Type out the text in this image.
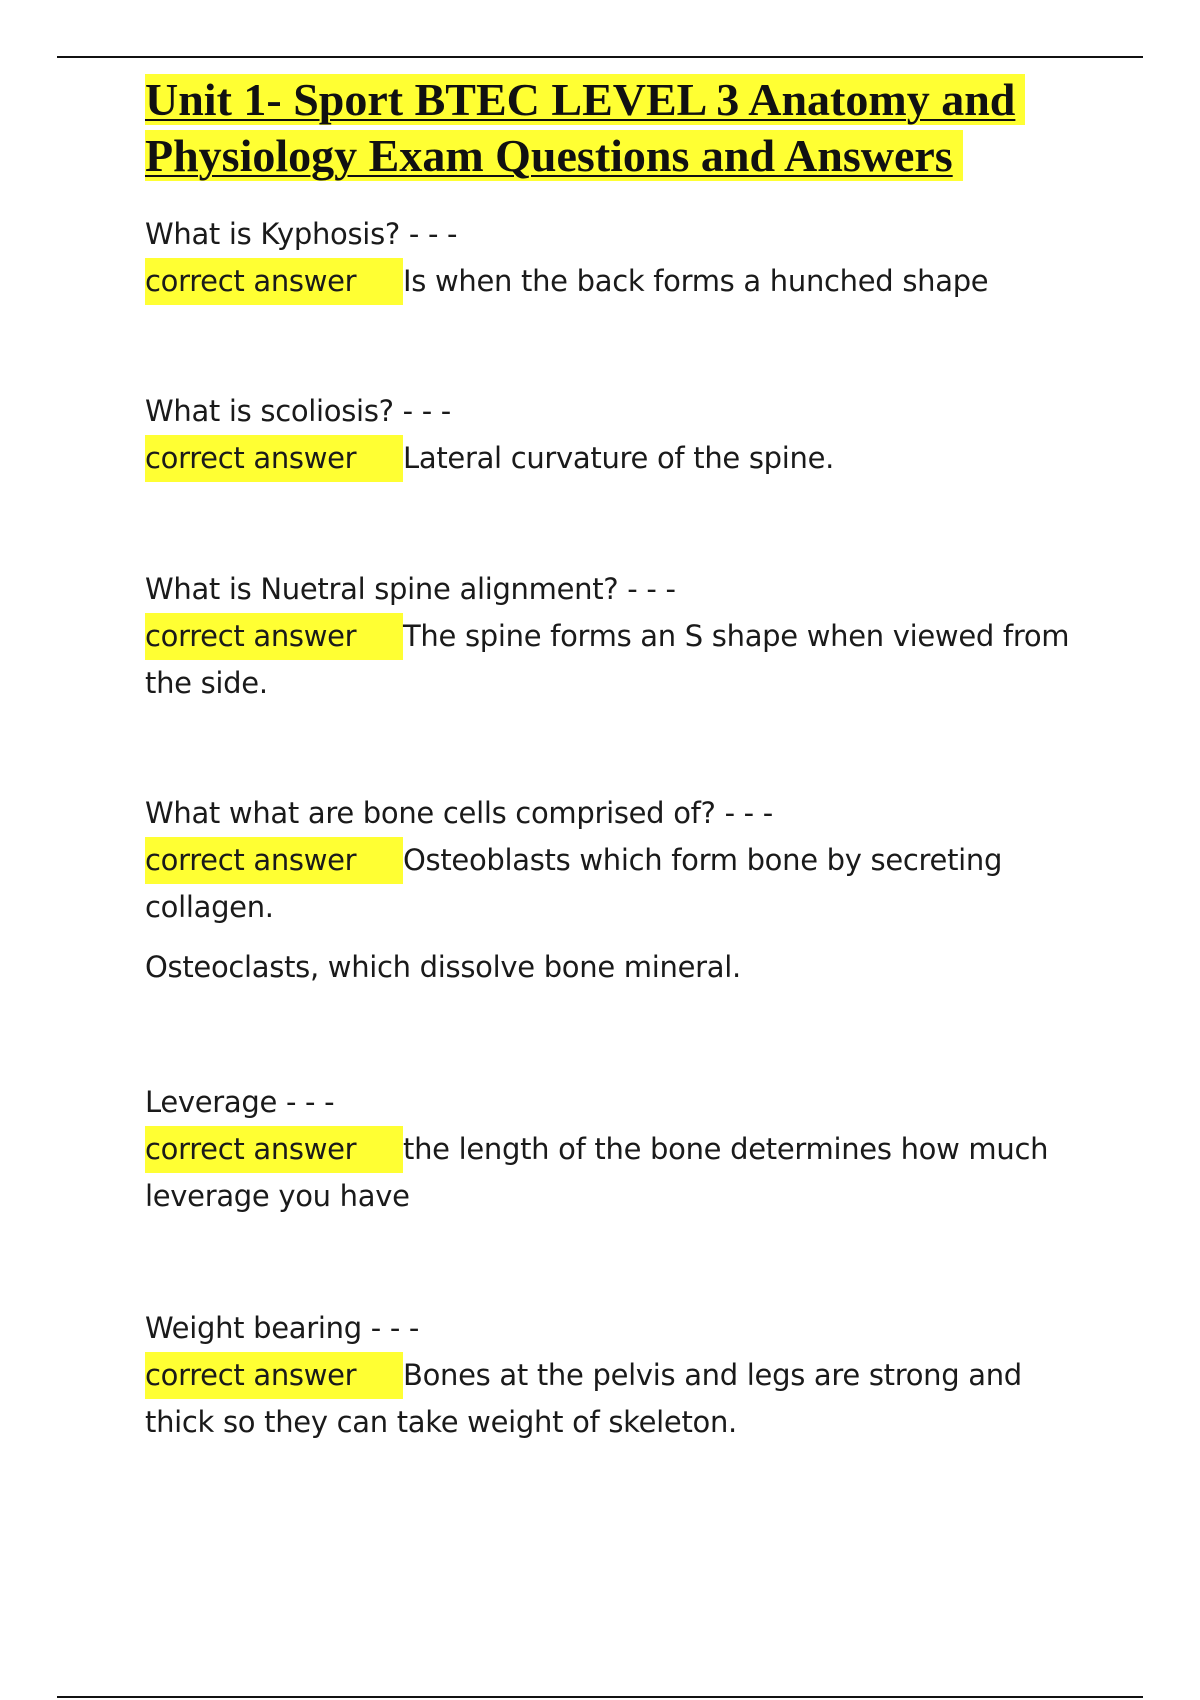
Unit 1- Sport BTEC LEVEL 3 Anatomy and Physiology Exam Questions and Answers

What is Kyphosis? - - -

correct answer Is when the back forms a hunched shape

What is scoliosis? - - -

correct answer Lateral curvature of the spine.

What is Nuetral spine alignment? - - -

correct answer The spine forms an S shape when viewed from the side.

What what are bone cells comprised of? - - -

correct answer Osteoblasts which form bone by secreting collagen.

Osteoclasts, which dissolve bone mineral.

Leverage - - -

correct answer the length of the bone determines how much leverage you have

Weight bearing - - -

correct answer Bones at the pelvis and legs are strong and thick so they can take weight of skeleton.
